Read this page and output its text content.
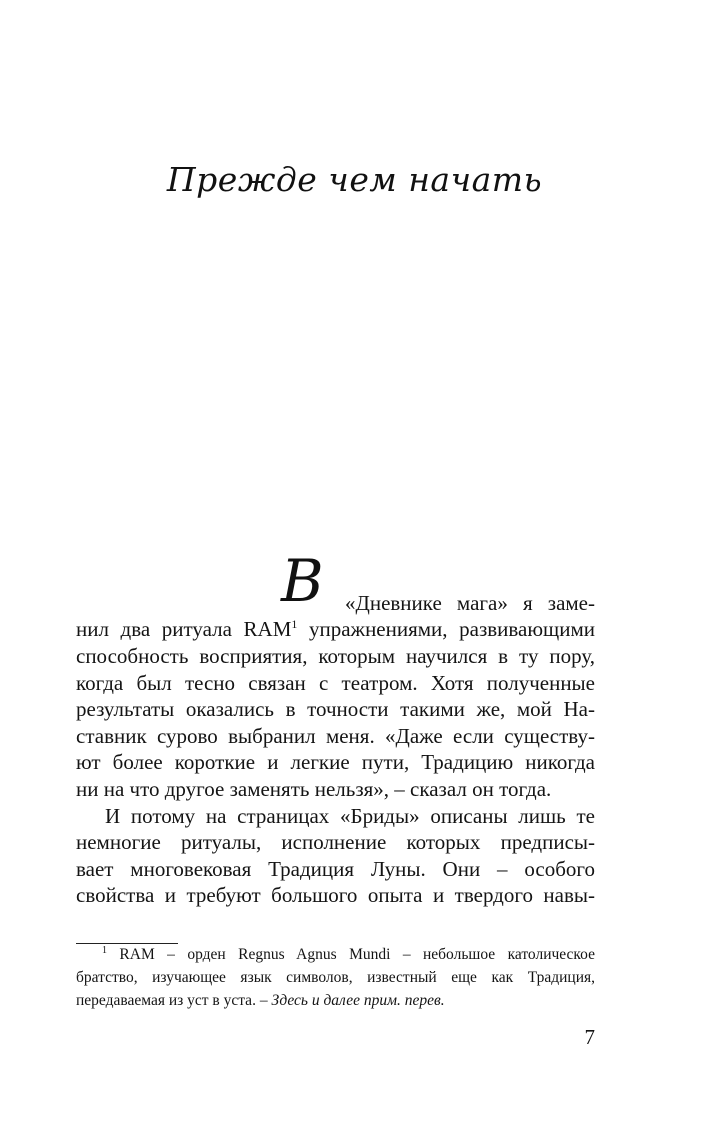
Прежде чем начать
В «Дневнике мага» я заме-
нил два ритуала RAM$^1$ упражнениями, развивающими
способность восприятия, которым научился в ту пору,
когда был тесно связан с театром. Хотя полученные
результаты оказались в точности такими же, мой На-
ставник сурово выбранил меня. «Даже если существу-
ют более короткие и легкие пути, Традицию никогда
ни на что другое заменять нельзя», – сказал он тогда.
И потому на страницах «Бриды» описаны лишь те
немногие ритуалы, исполнение которых предписы-
вает многовековая Традиция Луны. Они – особого
свойства и требуют большого опыта и твердого навы-
$^1$ RAM – орден Regnus Agnus Mundi – небольшое католическое
братство, изучающее язык символов, известный еще как Традиция,
передаваемая из уст в уста. – Здесь и далее прим. перев.
7
